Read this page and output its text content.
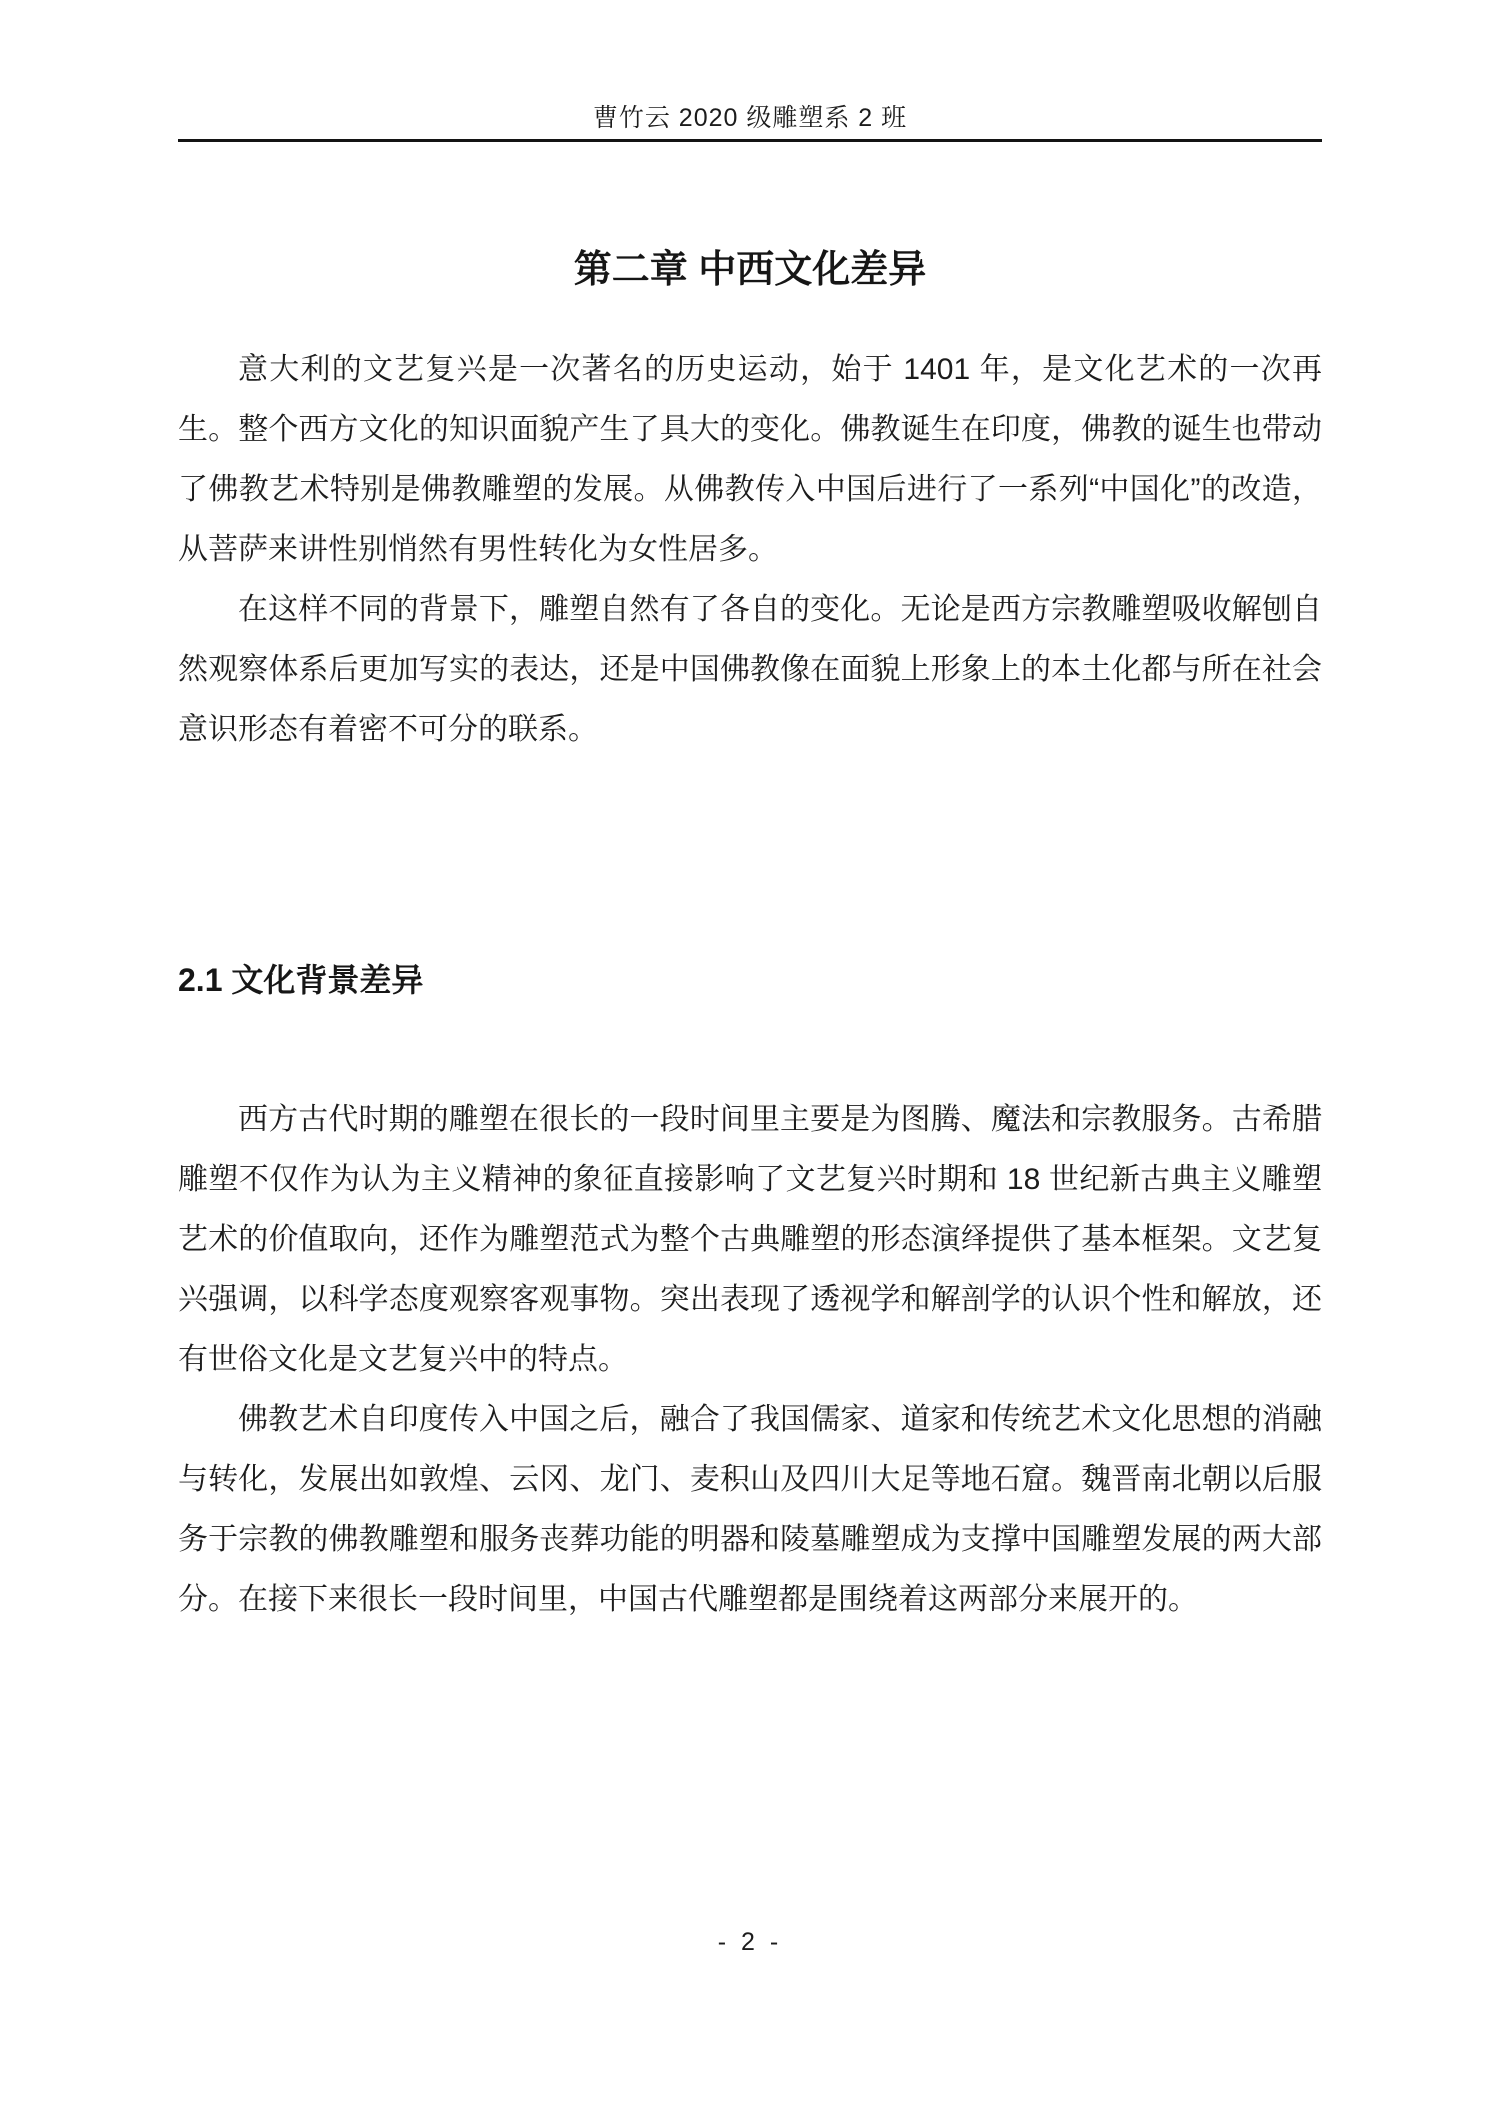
曹竹云 2020 级雕塑系 2 班
第二章 中西文化差异

意大利的文艺复兴是一次著名的历史运动，始于 1401 年，是文化艺术的一次再生。整个西方文化的知识面貌产生了具大的变化。佛教诞生在印度，佛教的诞生也带动了佛教艺术特别是佛教雕塑的发展。从佛教传入中国后进行了一系列“中国化”的改造，从菩萨来讲性别悄然有男性转化为女性居多。

在这样不同的背景下，雕塑自然有了各自的变化。无论是西方宗教雕塑吸收解刨自然观察体系后更加写实的表达，还是中国佛教像在面貌上形象上的本土化都与所在社会意识形态有着密不可分的联系。

2.1 文化背景差异

西方古代时期的雕塑在很长的一段时间里主要是为图腾、魔法和宗教服务。古希腊雕塑不仅作为认为主义精神的象征直接影响了文艺复兴时期和 18 世纪新古典主义雕塑艺术的价值取向，还作为雕塑范式为整个古典雕塑的形态演绎提供了基本框架。文艺复兴强调，以科学态度观察客观事物。突出表现了透视学和解剖学的认识个性和解放，还有世俗文化是文艺复兴中的特点。

佛教艺术自印度传入中国之后，融合了我国儒家、道家和传统艺术文化思想的消融与转化，发展出如敦煌、云冈、龙门、麦积山及四川大足等地石窟。魏晋南北朝以后服务于宗教的佛教雕塑和服务丧葬功能的明器和陵墓雕塑成为支撑中国雕塑发展的两大部分。在接下来很长一段时间里，中国古代雕塑都是围绕着这两部分来展开的。

- 2 -
